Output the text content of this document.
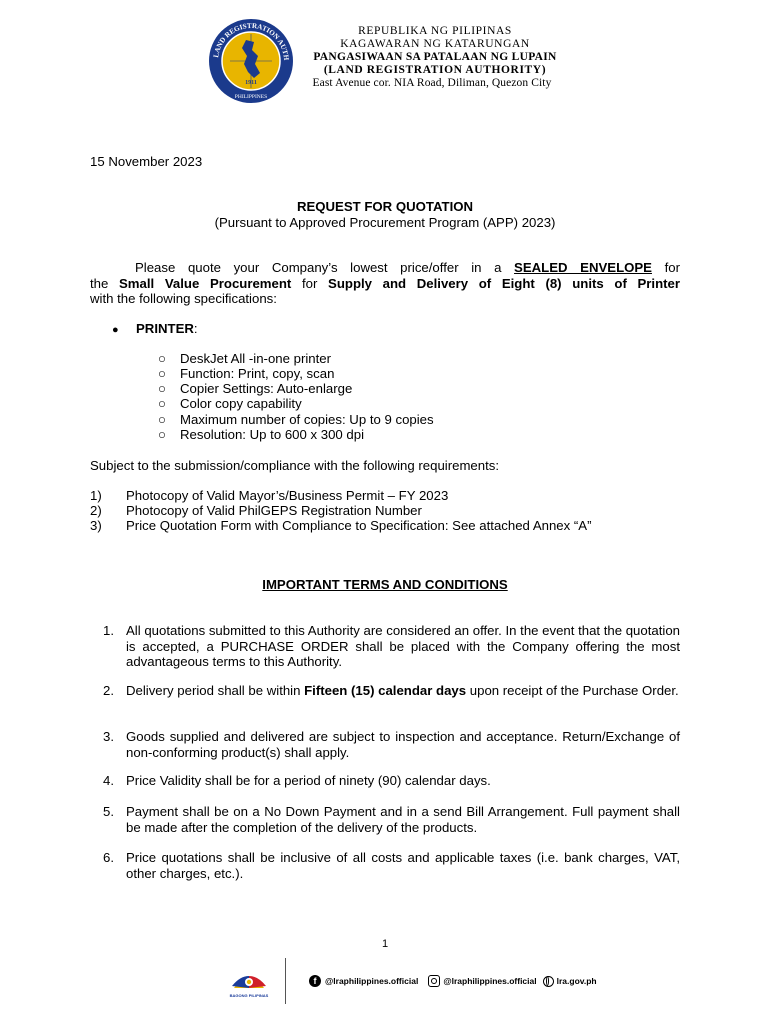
LAND REGISTRATION AUTH
1911
PHILIPPINES
REPUBLIKA NG PILIPINAS
KAGAWARAN NG KATARUNGAN
PANGASIWAAN SA PATALAAN NG LUPAIN
(LAND REGISTRATION AUTHORITY)
East Avenue cor. NIA Road, Diliman, Quezon City
15 November 2023
REQUEST FOR QUOTATION
(Pursuant to Approved Procurement Program (APP) 2023)
Please quote your Company’s lowest price/offer in a SEALED ENVELOPE for
the Small Value Procurement for Supply and Delivery of Eight (8) units of Printer
with the following specifications:
● PRINTER:
○ DeskJet All -in-one printer
○ Function: Print, copy, scan
○ Copier Settings: Auto-enlarge
○ Color copy capability
○ Maximum number of copies: Up to 9 copies
○ Resolution: Up to 600 x 300 dpi
Subject to the submission/compliance with the following requirements:
1) Photocopy of Valid Mayor’s/Business Permit – FY 2023
2) Photocopy of Valid PhilGEPS Registration Number
3) Price Quotation Form with Compliance to Specification: See attached Annex “A”
IMPORTANT TERMS AND CONDITIONS
1. All quotations submitted to this Authority are considered an offer. In the event that the quotation is accepted, a PURCHASE ORDER shall be placed with the Company offering the most advantageous terms to this Authority.
2. Delivery period shall be within Fifteen (15) calendar days upon receipt of the Purchase Order.
3. Goods supplied and delivered are subject to inspection and acceptance. Return/Exchange of non-conforming product(s) shall apply.
4. Price Validity shall be for a period of ninety (90) calendar days.
5. Payment shall be on a No Down Payment and in a send Bill Arrangement. Full payment shall be made after the completion of the delivery of the products.
6. Price quotations shall be inclusive of all costs and applicable taxes (i.e. bank charges, VAT, other charges, etc.).
1
BAGONG PILIPINAS
f	@lraphilippines.official	@lraphilippines.official lra.gov.ph
